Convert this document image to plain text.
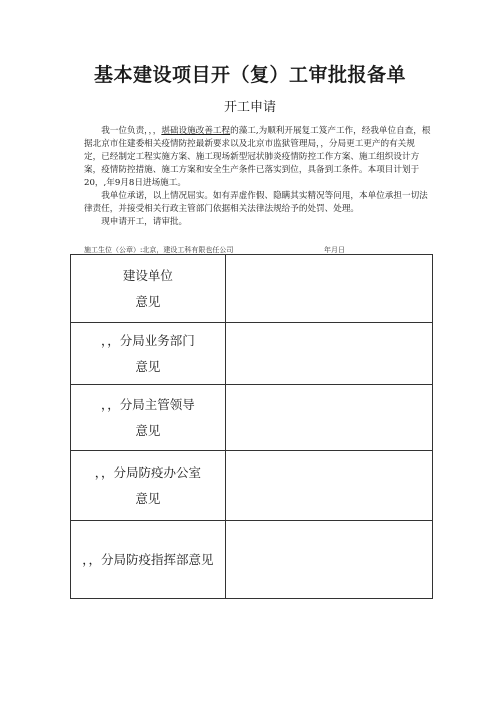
基本建设项目开（复）工审批报备单
开工申请

我一位负责，，，堪础设施改善工程的藻工,为顺利开展复工笈产工作，经我单位自查，根据北京市住建委相关疫情防控最新要求以及北京市监狱管理局，，分局更工更产的有关规定，已经制定工程实施方案、施工现场新型冠状肺炎疫情防控工作方案、施工组织设计方案，疫情防控措施、施工方案和安全生产条件已落实到位，具备到工条件。本项目计划于20，,年9月8日进场施工。

我单位承诺，以上情况屈实。如有弄虚作假、隐瞒其实精况等问甩，本单位承担一切法律责任，并接受相关行政主管部门依据相关法律法规给予的处罚、处理。

现申请开工，请审批。

施工生位（公章）:北京，建设工科有限也任公司	年月日
建设单位
意见	

，，分局业务部门
意见	

，，分局主管领导
意见	

，，分局防疫办公室
意见	

，，分局防疫指挥部意见	
